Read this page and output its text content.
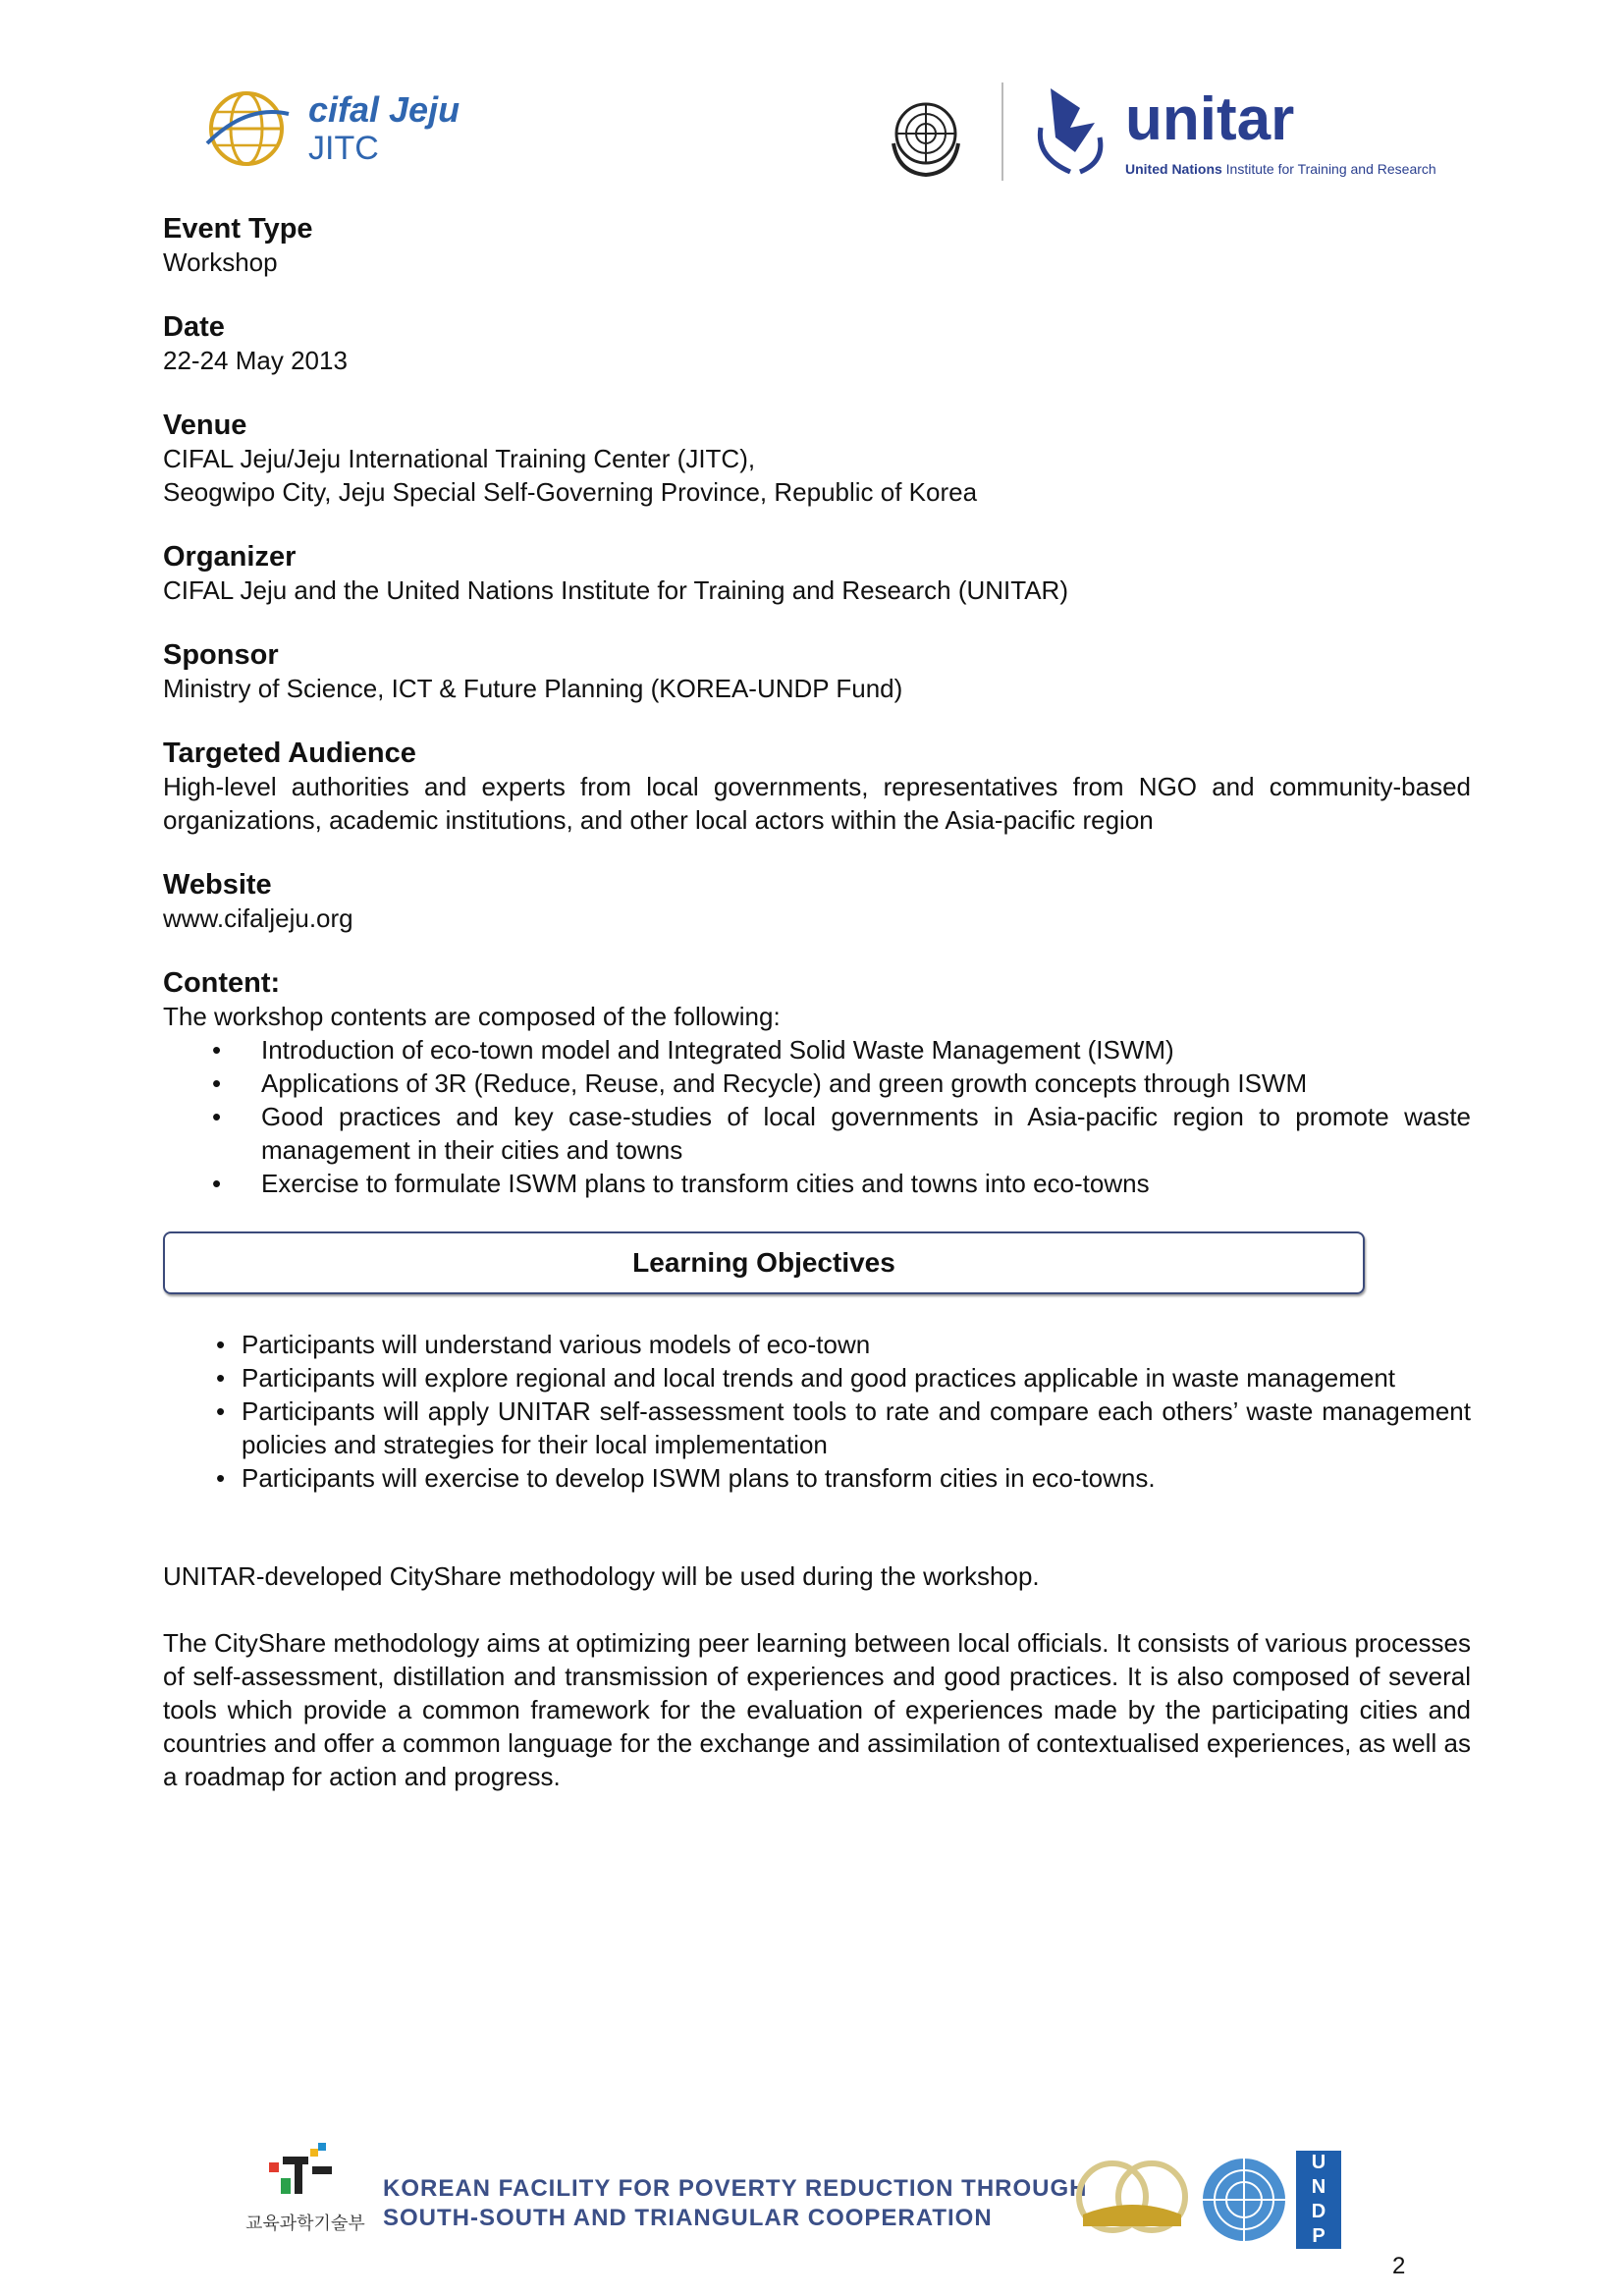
cifal Jeju
JITC	unitar
United Nations Institute for Training and Research
Event Type
Workshop
Date
22-24 May 2013
Venue
CIFAL Jeju/Jeju International Training Center (JITC),
Seogwipo City, Jeju Special Self-Governing Province, Republic of Korea
Organizer
CIFAL Jeju and the United Nations Institute for Training and Research (UNITAR)
Sponsor
Ministry of Science, ICT & Future Planning (KOREA-UNDP Fund)
Targeted Audience
High-level authorities and experts from local governments, representatives from NGO and community-based organizations, academic institutions, and other local actors within the Asia-pacific region
Website
www.cifaljeju.org
Content:
The workshop contents are composed of the following:
• Introduction of eco-town model and Integrated Solid Waste Management (ISWM)
• Applications of 3R (Reduce, Reuse, and Recycle) and green growth concepts through ISWM
• Good practices and key case-studies of local governments in Asia-pacific region to promote waste management in their cities and towns
• Exercise to formulate ISWM plans to transform cities and towns into eco-towns
Learning Objectives
• Participants will understand various models of eco-town
• Participants will explore regional and local trends and good practices applicable in waste management
• Participants will apply UNITAR self-assessment tools to rate and compare each others’ waste management policies and strategies for their local implementation
• Participants will exercise to develop ISWM plans to transform cities in eco-towns.
UNITAR-developed CityShare methodology will be used during the workshop.
The CityShare methodology aims at optimizing peer learning between local officials. It consists of various processes of self-assessment, distillation and transmission of experiences and good practices. It is also composed of several tools which provide a common framework for the evaluation of experiences made by the participating cities and countries and offer a common language for the exchange and assimilation of contextualised experiences, as well as a roadmap for action and progress.
교육과학기술부
KOREAN FACILITY FOR POVERTY REDUCTION THROUGH
SOUTH-SOUTH AND TRIANGULAR COOPERATION
U
N
D
P
2
